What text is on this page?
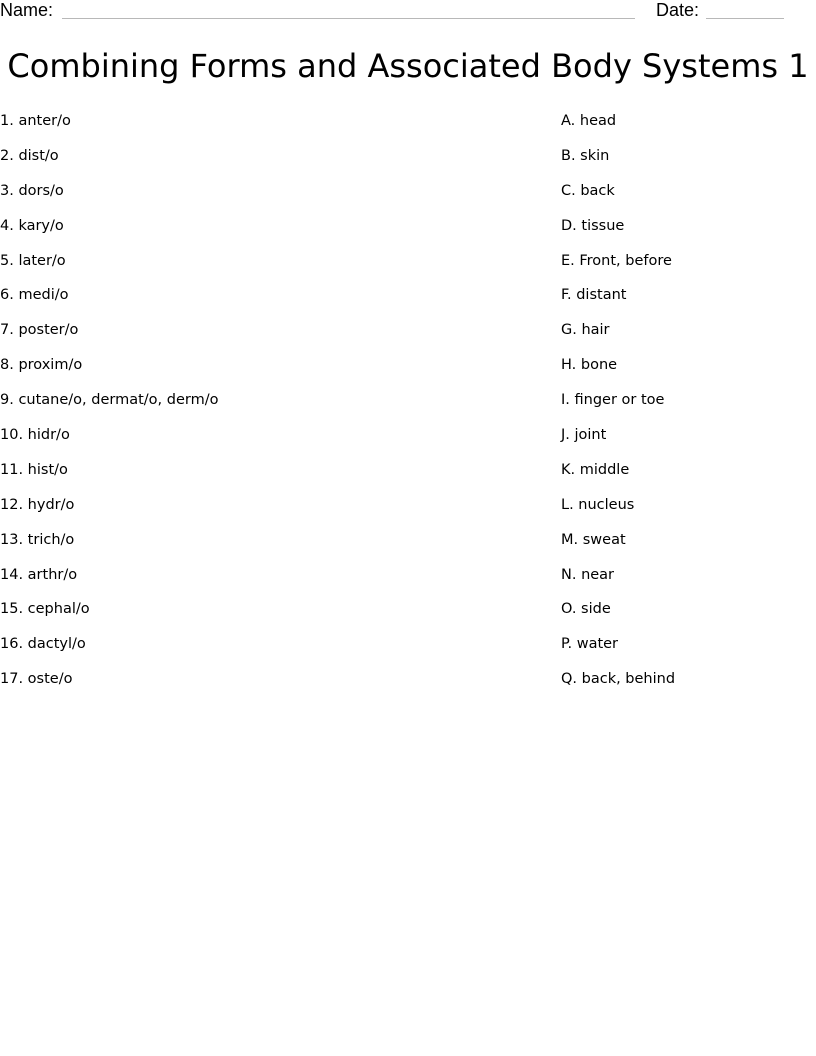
Name:	Date:
Combining Forms and Associated Body Systems 1
1. anter/o
2. dist/o
3. dors/o
4. kary/o
5. later/o
6. medi/o
7. poster/o
8. proxim/o
9. cutane/o, dermat/o, derm/o
10. hidr/o
11. hist/o
12. hydr/o
13. trich/o
14. arthr/o
15. cephal/o
16. dactyl/o
17. oste/o
A. head
B. skin
C. back
D. tissue
E. Front, before
F. distant
G. hair
H. bone
I. finger or toe
J. joint
K. middle
L. nucleus
M. sweat
N. near
O. side
P. water
Q. back, behind
